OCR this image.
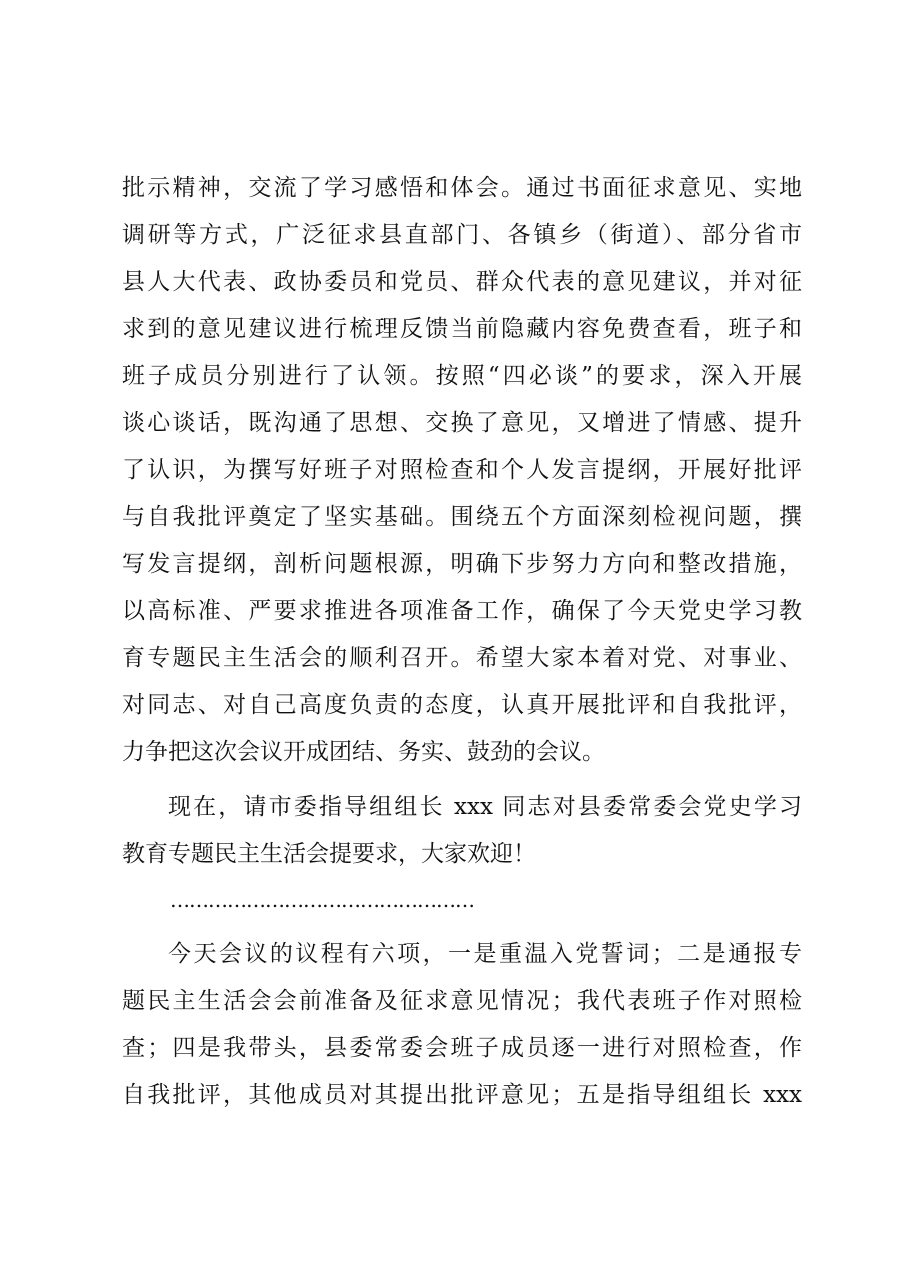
批示精神，交流了学习感悟和体会。通过书面征求意见、实地
调研等方式，广泛征求县直部门、各镇乡（街道）、部分省市
县人大代表、政协委员和党员、群众代表的意见建议，并对征
求到的意见建议进行梳理反馈当前隐藏内容免费查看，班子和
班子成员分别进行了认领。按照“四必谈”的要求，深入开展
谈心谈话，既沟通了思想、交换了意见，又增进了情感、提升
了认识，为撰写好班子对照检查和个人发言提纲，开展好批评
与自我批评奠定了坚实基础。围绕五个方面深刻检视问题，撰
写发言提纲，剖析问题根源，明确下步努力方向和整改措施，
以高标准、严要求推进各项准备工作，确保了今天党史学习教
育专题民主生活会的顺利召开。希望大家本着对党、对事业、
对同志、对自己高度负责的态度，认真开展批评和自我批评，
力争把这次会议开成团结、务实、鼓劲的会议。
现在，请市委指导组组长 xxx 同志对县委常委会党史学习
教育专题民主生活会提要求，大家欢迎！
…………………………………………
今天会议的议程有六项，一是重温入党誓词；二是通报专
题民主生活会会前准备及征求意见情况；我代表班子作对照检
查；四是我带头，县委常委会班子成员逐一进行对照检查，作
自我批评，其他成员对其提出批评意见；五是指导组组长 xxx
